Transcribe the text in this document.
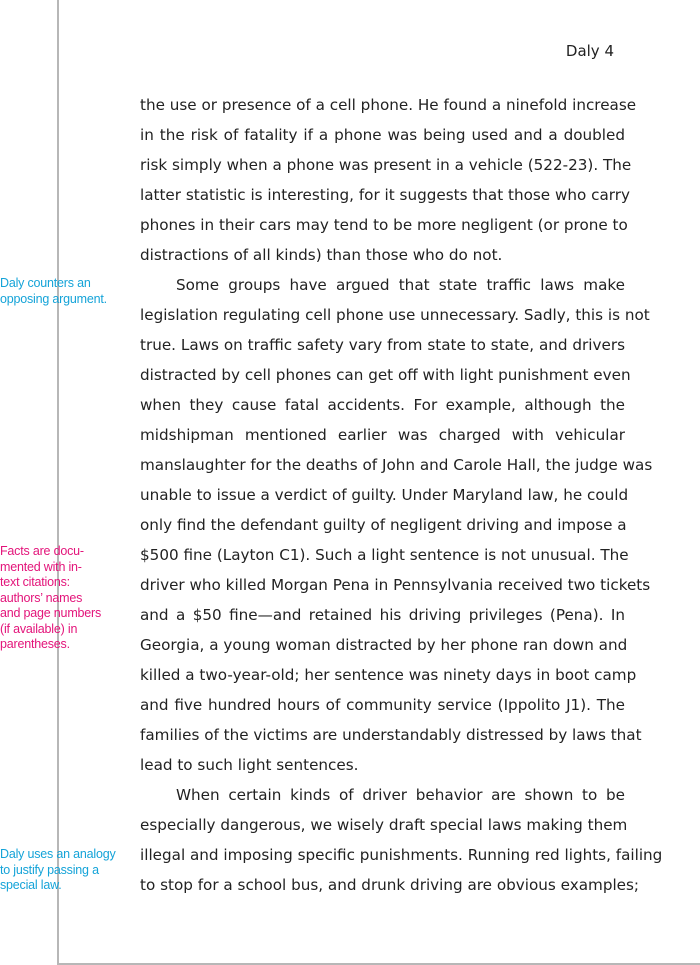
Daly 4
Daly counters an
opposing argument.
Facts are docu-
mented with in-
text citations:
authors’ names
and page numbers
(if available) in
parentheses.
Daly uses an analogy
to justify passing a
special law.
the use or presence of a cell phone. He found a ninefold increase
in the risk of fatality if a phone was being used and a doubled
risk simply when a phone was present in a vehicle (522-23). The
latter statistic is interesting, for it suggests that those who carry
phones in their cars may tend to be more negligent (or prone to
distractions of all kinds) than those who do not.
Some groups have argued that state traffic laws make
legislation regulating cell phone use unnecessary. Sadly, this is not
true. Laws on traffic safety vary from state to state, and drivers
distracted by cell phones can get off with light punishment even
when they cause fatal accidents. For example, although the
midshipman mentioned earlier was charged with vehicular
manslaughter for the deaths of John and Carole Hall, the judge was
unable to issue a verdict of guilty. Under Maryland law, he could
only find the defendant guilty of negligent driving and impose a
$500 fine (Layton C1). Such a light sentence is not unusual. The
driver who killed Morgan Pena in Pennsylvania received two tickets
and a $50 fine—and retained his driving privileges (Pena). In
Georgia, a young woman distracted by her phone ran down and
killed a two-year-old; her sentence was ninety days in boot camp
and five hundred hours of community service (Ippolito J1). The
families of the victims are understandably distressed by laws that
lead to such light sentences.
When certain kinds of driver behavior are shown to be
especially dangerous, we wisely draft special laws making them
illegal and imposing specific punishments. Running red lights, failing
to stop for a school bus, and drunk driving are obvious examples;
